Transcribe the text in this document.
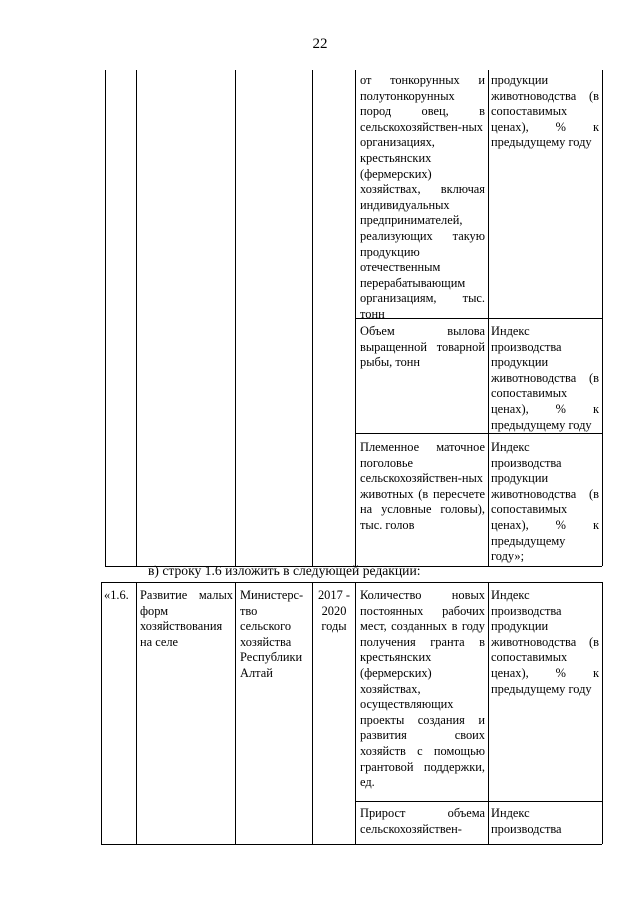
22
от тонкорунных и полутонкорунных пород овец, в сельскохозяйствен-ных организациях, крестьянских (фермерских) хозяйствах, включая индивидуальных предпринимателей, реализующих такую продукцию отечественным перерабатывающим организациям, тыс. тонн
продукции животноводства (в сопоставимых ценах), % к предыдущему году
Объем вылова выращенной товарной рыбы, тонн
Индекс производства продукции животноводства (в сопоставимых ценах), % к предыдущему году
Племенное маточное поголовье сельскохозяйствен-ных животных (в пересчете на условные головы), тыс. голов
Индекс производства продукции животноводства (в сопоставимых ценах), % к предыдущему году»;
в) строку 1.6 изложить в следующей редакции:
«1.6. Развитие малых форм хозяйствования на селе
Министерс-тво сельского хозяйства Республики Алтай
2017 - 2020 годы
Количество новых постоянных рабочих мест, созданных в году получения гранта в крестьянских (фермерских) хозяйствах, осуществляющих проекты создания и развития своих хозяйств с помощью грантовой поддержки, ед.
Индекс производства продукции животноводства (в сопоставимых ценах), % к предыдущему году
Прирост объема сельскохозяйствен-
Индекс производства
